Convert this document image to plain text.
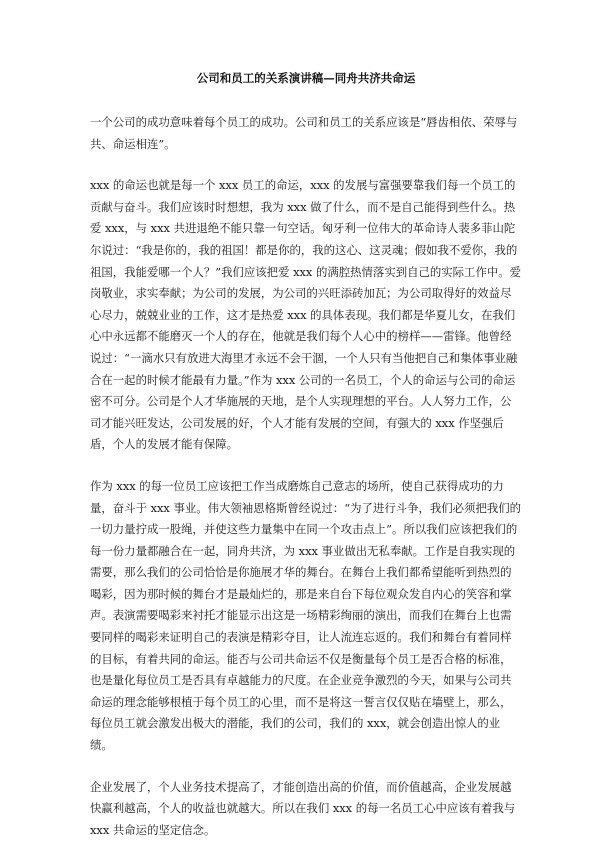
公司和员工的关系演讲稿—同舟共济共命运

一个公司的成功意味着每个员工的成功。公司和员工的关系应该是“唇齿相依、荣辱与共、命运相连”。

xxx 的命运也就是每一个 xxx 员工的命运，xxx 的发展与富强要靠我们每一个员工的贡献与奋斗。我们应该时时想想，我为 xxx 做了什么，而不是自己能得到些什么。热爱 xxx，与 xxx 共进退绝不能只靠一句空话。匈牙利一位伟大的革命诗人裴多菲山陀尔说过：“我是你的，我的祖国！都是你的，我的这心、这灵魂；假如我不爱你，我的祖国，我能爱哪一个人？”我们应该把爱 xxx 的满腔热情落实到自己的实际工作中。爱岗敬业，求实奉献；为公司的发展，为公司的兴旺添砖加瓦；为公司取得好的效益尽心尽力，兢兢业业的工作，这才是热爱 xxx 的具体表现。我们都是华夏儿女，在我们心中永远都不能磨灭一个人的存在，他就是我们每个人心中的榜样——雷锋。他曾经说过：“一滴水只有放进大海里才永远不会干涸，一个人只有当他把自己和集体事业融合在一起的时候才能最有力量。”作为 xxx 公司的一名员工，个人的命运与公司的命运密不可分。公司是个人才华施展的天地，是个人实现理想的平台。人人努力工作，公司才能兴旺发达，公司发展的好，个人才能有发展的空间，有强大的 xxx 作坚强后盾，个人的发展才能有保障。

作为 xxx 的每一位员工应该把工作当成磨炼自己意志的场所，使自己获得成功的力量，奋斗于 xxx 事业。伟大领袖恩格斯曾经说过：“为了进行斗争，我们必须把我们的一切力量拧成一股绳，并使这些力量集中在同一个攻击点上”。所以我们应该把我们的每一份力量都融合在一起，同舟共济，为 xxx 事业做出无私奉献。工作是自我实现的需要，那么我们的公司恰恰是你施展才华的舞台。在舞台上我们都希望能听到热烈的喝彩，因为那时候的舞台才是最灿烂的，那是来自台下每位观众发自内心的笑容和掌声。表演需要喝彩来衬托才能显示出这是一场精彩绚丽的演出，而我们在舞台上也需要同样的喝彩来证明自己的表演是精彩夺目，让人流连忘返的。我们和舞台有着同样的目标，有着共同的命运。能否与公司共命运不仅是衡量每个员工是否合格的标准，也是量化每位员工是否具有卓越能力的尺度。在企业竞争激烈的今天，如果与公司共命运的理念能够根植于每个员工的心里，而不是将这一誓言仅仅贴在墙壁上，那么，每位员工就会激发出极大的潜能，我们的公司，我们的 xxx，就会创造出惊人的业绩。

企业发展了，个人业务技术提高了，才能创造出高的价值，而价值越高，企业发展越快赢利越高，个人的收益也就越大。所以在我们 xxx 的每一名员工心中应该有着我与 xxx 共命运的坚定信念。
